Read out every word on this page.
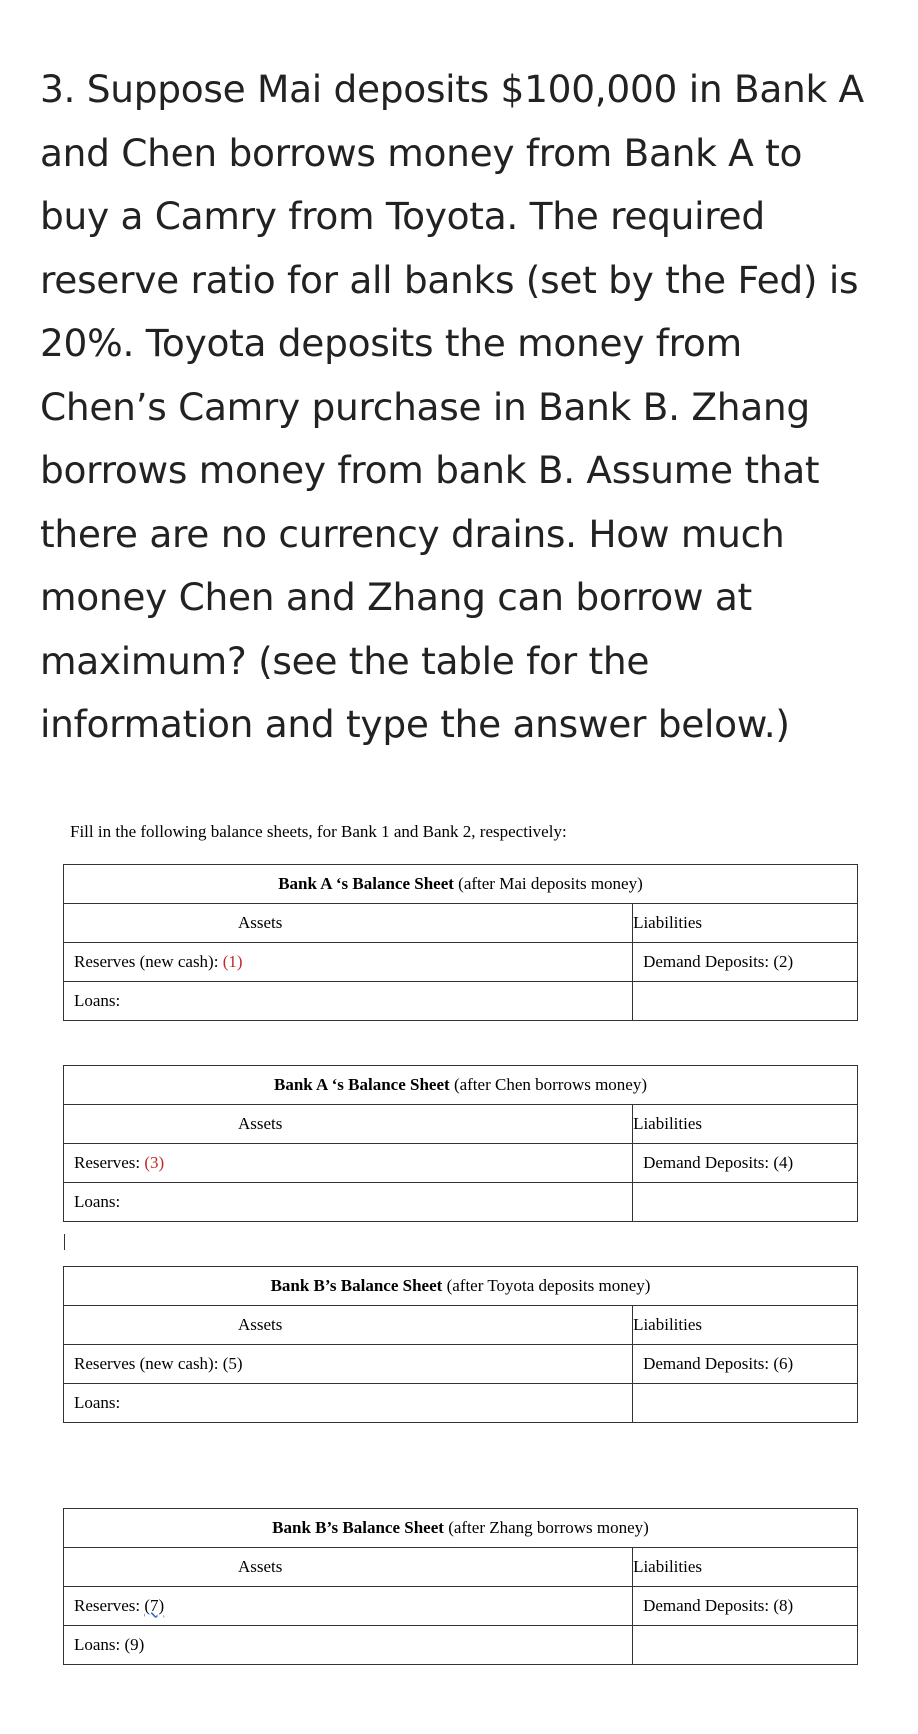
3. Suppose Mai deposits $100,000 in Bank A
and Chen borrows money from Bank A to
buy a Camry from Toyota. The required
reserve ratio for all banks (set by the Fed) is
20%. Toyota deposits the money from
Chen’s Camry purchase in Bank B. Zhang
borrows money from bank B. Assume that
there are no currency drains. How much
money Chen and Zhang can borrow at
maximum? (see the table for the
information and type the answer below.)
Fill in the following balance sheets, for Bank 1 and Bank 2, respectively:
Bank A ‘s Balance Sheet (after Mai deposits money)	
Assets	Liabilities
Reserves (new cash): (1)	Demand Deposits: (2)
Loans:	
Bank A ‘s Balance Sheet (after Chen borrows money)	
Assets	Liabilities
Reserves: (3)	Demand Deposits: (4)
Loans:	
Bank B’s Balance Sheet (after Toyota deposits money)	
Assets	Liabilities
Reserves (new cash): (5)	Demand Deposits: (6)
Loans:	
Bank B’s Balance Sheet (after Zhang borrows money)	
Assets	Liabilities
Reserves: (7)	Demand Deposits: (8)
Loans: (9)	
